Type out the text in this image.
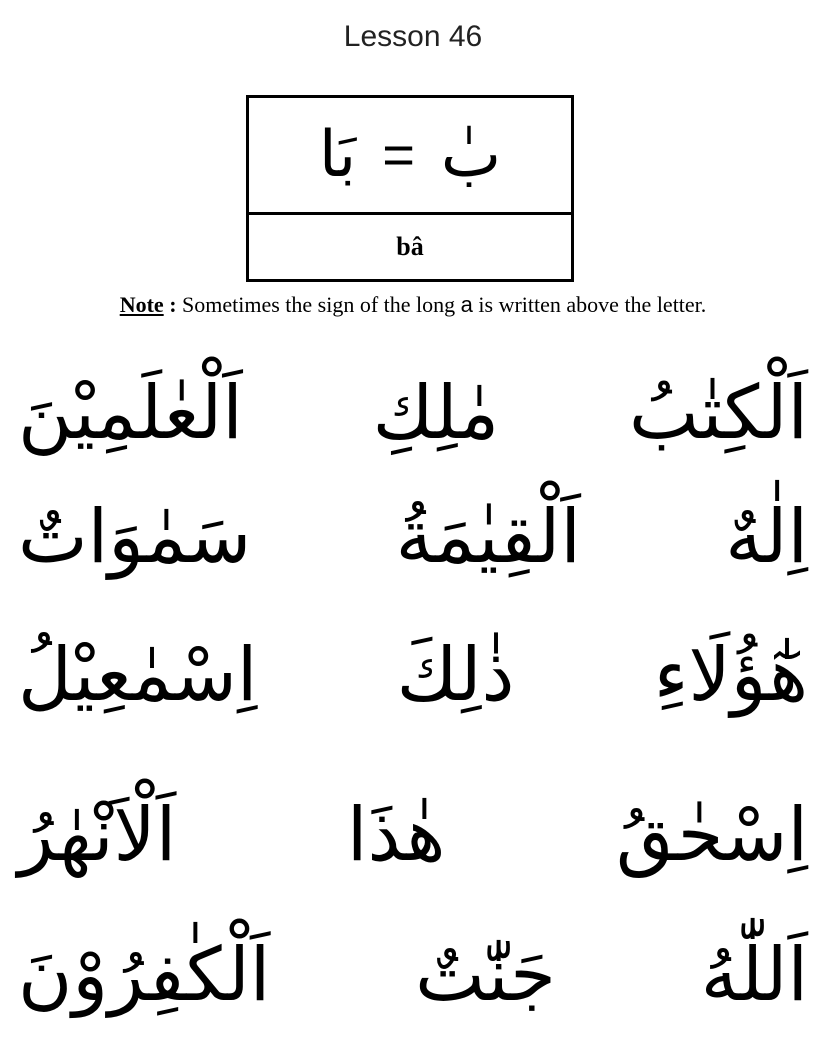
Lesson 46
بٰ
=
بَا
bâ
Note : Sometimes the sign of the long a is written above the letter.
اَلْكِتٰبُ
مٰلِكِ
اَلْعٰلَمِيْنَ
اِلٰهٌ
اَلْقِيٰمَةُ
سَمٰوَاتٌ
هٰٓؤُلَاءِ
ذٰلِكَ
اِسْمٰعِيْلُ
اِسْحٰقُ
هٰذَا
اَلْاَنْهٰرُ
اَللّٰهُ
جَنّٰتٌ
اَلْكٰفِرُوْنَ
